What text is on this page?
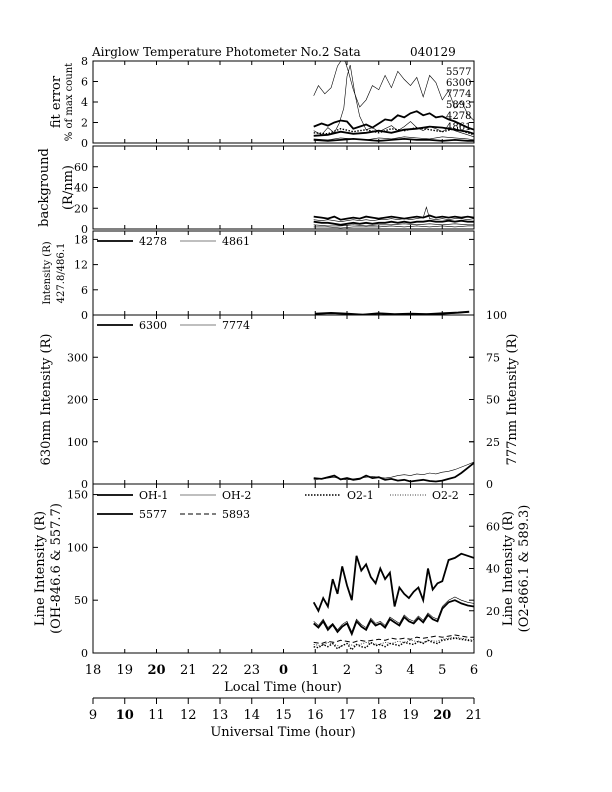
Airglow Temperature Photometer No.2 Sata	040129
0
2
4
6
8
fit error % of max count	5577
6300
7774
5893
4278
4861
0
20
40
60
background (R/nm)
0
6
12
18
Intensity (R) 427.8/486.1
4278	4861
0
100
200
300
0
25
50
75
100
630nm Intensity (R)	777nm Intensity (R)
6300	7774
0
50
100
150
0
20
40
60
Line Intensity (R) (OH-846.6 & 557.7)	Line Intensity (R) (O2-866.1 & 589.3)
OH-1	OH-2	O2-1	O2-2
5577	5893
18 19 20 21 22 23 0 1 2 3 4 5 6
Local Time (hour)
9 10 11 12 13 14 15 16 17 18 19 20 21
Universal Time (hour)
